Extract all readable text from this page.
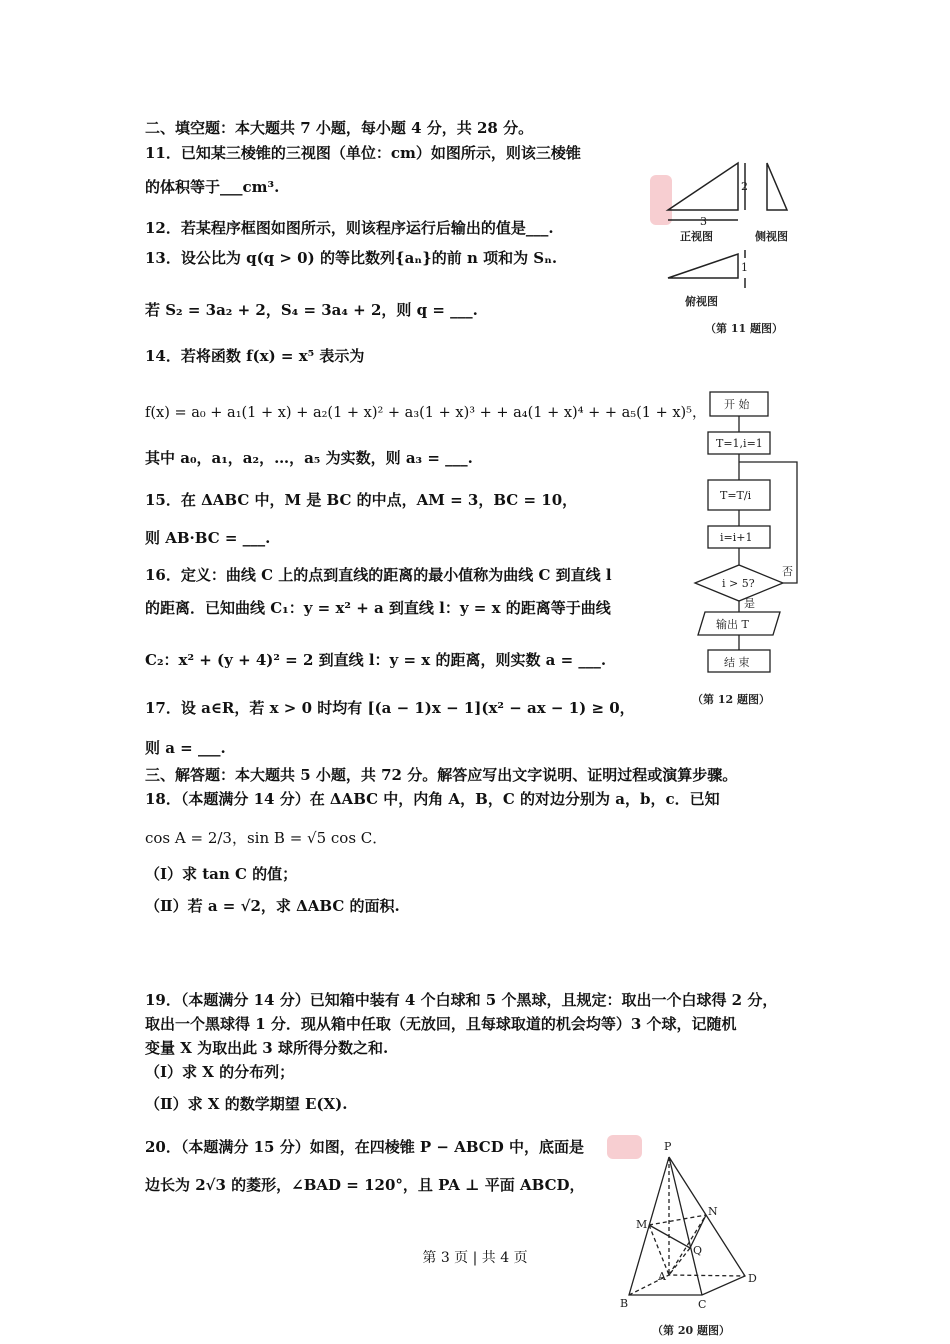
二、填空题：本大题共 7 小题，每小题 4 分，共 28 分。
11．已知某三棱锥的三视图（单位：cm）如图所示，则该三棱锥
的体积等于___cm³.
12．若某程序框图如图所示，则该程序运行后输出的值是___.
13．设公比为 q(q > 0) 的等比数列{aₙ}的前 n 项和为 Sₙ.
若 S₂ = 3a₂ + 2，S₄ = 3a₄ + 2，则 q = ___.
14．若将函数 f(x) = x⁵ 表示为
f(x) = a₀ + a₁(1 + x) + a₂(1 + x)² + a₃(1 + x)³ + + a₄(1 + x)⁴ + + a₅(1 + x)⁵，
其中 a₀，a₁，a₂，…，a₅ 为实数，则 a₃ = ___.
15．在 ΔABC 中，M 是 BC 的中点，AM = 3，BC = 10，
则 AB·BC = ___.
16．定义：曲线 C 上的点到直线的距离的最小值称为曲线 C 到直线 l
的距离．已知曲线 C₁：y = x² + a 到直线 l：y = x 的距离等于曲线
C₂：x² + (y + 4)² = 2 到直线 l：y = x 的距离，则实数 a = ___.
17．设 a∈R，若 x > 0 时均有 [(a − 1)x − 1](x² − ax − 1) ≥ 0，
则 a = ___.
三、解答题：本大题共 5 小题，共 72 分。解答应写出文字说明、证明过程或演算步骤。
18．（本题满分 14 分）在 ΔABC 中，内角 A，B，C 的对边分别为 a，b，c．已知
cos A = 2/3，sin B = √5 cos C．
（Ⅰ）求 tan C 的值；
（Ⅱ）若 a = √2，求 ΔABC 的面积.
19．（本题满分 14 分）已知箱中装有 4 个白球和 5 个黑球，且规定：取出一个白球得 2 分，
取出一个黑球得 1 分．现从箱中任取（无放回，且每球取道的机会均等）3 个球，记随机
变量 X 为取出此 3 球所得分数之和.
（Ⅰ）求 X 的分布列；
（Ⅱ）求 X 的数学期望 E(X).
20．（本题满分 15 分）如图，在四棱锥 P − ABCD 中，底面是
边长为 2√3 的菱形，∠BAD = 120°，且 PA ⊥ 平面 ABCD，
2
3
1
正视图	侧视图
俯视图
（第 11 题图）
开 始
T=1,i=1
T=T/i
i=i+1
i > 5?
否
是
输出 T
结 束
（第 12 题图）
P
M
N
Q
A
B	C
D
（第 20 题图）
第 3 页 | 共 4 页
